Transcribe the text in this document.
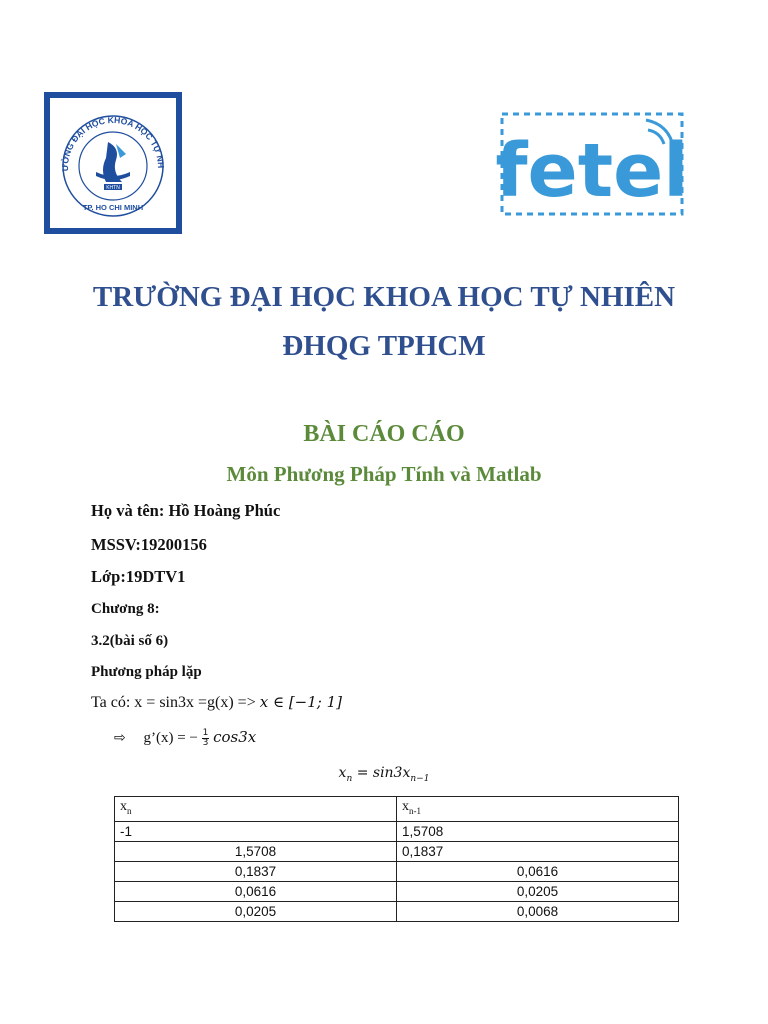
ƯỜNG ĐẠI HỌC KHOA HỌC TỰ NH
KHTN
TP. HO CHI MINH	fetel

TRƯỜNG ĐẠI HỌC KHOA HỌC TỰ NHIÊN

ĐHQG TPHCM

BÀI CÁO CÁO

Môn Phương Pháp Tính và Matlab

Họ và tên: Hồ Hoàng Phúc

MSSV:19200156

Lớp:19DTV1

Chương 8:

3.2(bài số 6)

Phương pháp lặp

Ta có: x = sin3x =g(x) => x ∈ [−1; 1]
⇨ g’(x) = − $\frac{1}{3} \cos 3x$
$x_n = \sin 3x_{n-1}$
$x_n$	$x_{n-1}$
-1	1,5708
1,5708	0,1837
0,1837	0,0616
0,0616	0,0205
0,0205	0,0068
